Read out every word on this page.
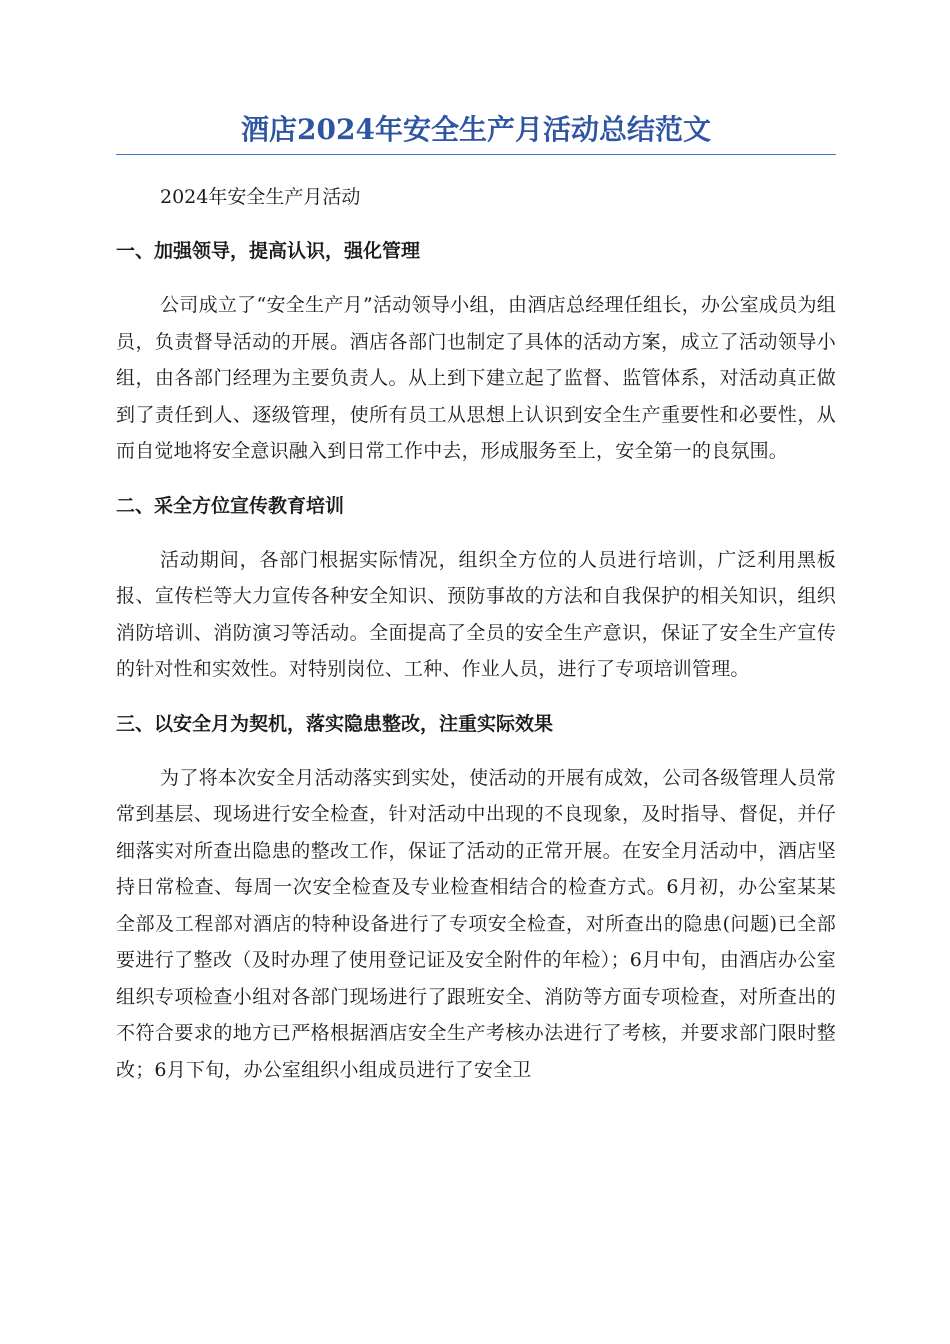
酒店2024年安全生产月活动总结范文

2024年安全生产月活动

一、加强领导，提高认识，强化管理

公司成立了“安全生产月”活动领导小组，由酒店总经理任组长，办公室成员为组员，负责督导活动的开展。酒店各部门也制定了具体的活动方案，成立了活动领导小组，由各部门经理为主要负责人。从上到下建立起了监督、监管体系，对活动真正做到了责任到人、逐级管理，使所有员工从思想上认识到安全生产重要性和必要性，从而自觉地将安全意识融入到日常工作中去，形成服务至上，安全第一的良氛围。

二、采全方位宣传教育培训

活动期间，各部门根据实际情况，组织全方位的人员进行培训，广泛利用黑板报、宣传栏等大力宣传各种安全知识、预防事故的方法和自我保护的相关知识，组织消防培训、消防演习等活动。全面提高了全员的安全生产意识，保证了安全生产宣传的针对性和实效性。对特别岗位、工种、作业人员，进行了专项培训管理。

三、以安全月为契机，落实隐患整改，注重实际效果

为了将本次安全月活动落实到实处，使活动的开展有成效，公司各级管理人员常常到基层、现场进行安全检查，针对活动中出现的不良现象，及时指导、督促，并仔细落实对所查出隐患的整改工作，保证了活动的正常开展。在安全月活动中，酒店坚持日常检查、每周一次安全检查及专业检查相结合的检查方式。6月初，办公室某某全部及工程部对酒店的特种设备进行了专项安全检查，对所查出的隐患(问题)已全部要进行了整改（及时办理了使用登记证及安全附件的年检）；6月中旬，由酒店办公室组织专项检查小组对各部门现场进行了跟班安全、消防等方面专项检查，对所查出的不符合要求的地方已严格根据酒店安全生产考核办法进行了考核，并要求部门限时整改；6月下旬，办公室组织小组成员进行了安全卫
